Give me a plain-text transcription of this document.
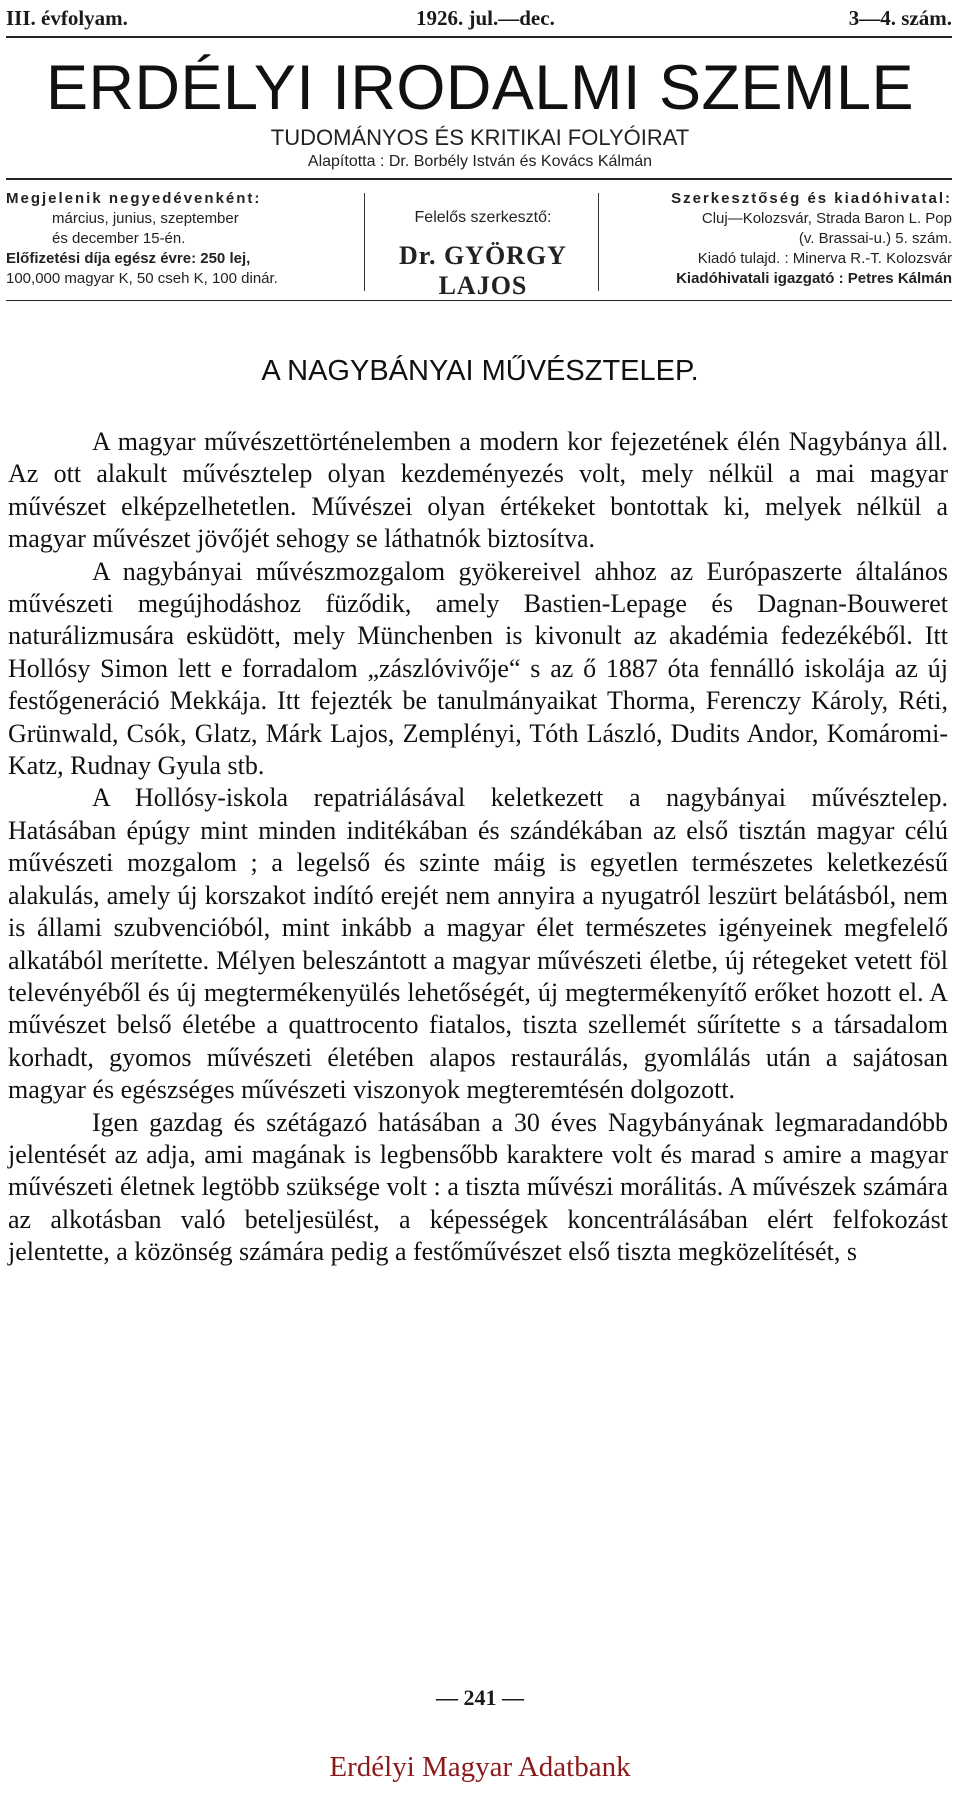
III. évfolyam.	1926. jul.—dec.	3—4. szám.
ERDÉLYI IRODALMI SZEMLE
TUDOMÁNYOS ÉS KRITIKAI FOLYÓIRAT
Alapította : Dr. Borbély István és Kovács Kálmán
Megjelenik negyedévenként:
március, junius, szeptember
és december 15-én.
Előfizetési díja egész évre: 250 lej,
100,000 magyar K, 50 cseh K, 100 dinár.
Felelős szerkesztő:
Dr. GYÖRGY LAJOS
Szerkesztőség és kiadóhivatal:
Cluj—Kolozsvár, Strada Baron L. Pop
(v. Brassai-u.) 5. szám.
Kiadó tulajd. : Minerva R.-T. Kolozsvár
Kiadóhivatali igazgató : Petres Kálmán
A NAGYBÁNYAI MŰVÉSZTELEP.

A magyar művészettörténelemben a modern kor fejezetének élén Nagybánya áll. Az ott alakult művésztelep olyan kezdeményezés volt, mely nélkül a mai magyar művészet elképzelhetetlen. Művészei olyan értékeket bontottak ki, melyek nélkül a magyar művészet jövőjét sehogy se láthatnók biztosítva.

A nagybányai művészmozgalom gyökereivel ahhoz az Európaszerte általános művészeti megújhodáshoz füződik, amely Bastien-Lepage és Dagnan-Bouweret naturálizmusára esküdött, mely Münchenben is kivonult az akadémia fedezékéből. Itt Hollósy Simon lett e forradalom „zászlóvivője“ s az ő 1887 óta fennálló iskolája az új festőgeneráció Mekkája. Itt fejezték be tanulmányaikat Thorma, Ferenczy Károly, Réti, Grünwald, Csók, Glatz, Márk Lajos, Zemplényi, Tóth László, Dudits Andor, Komáromi-Katz, Rudnay Gyula stb.

A Hollósy-iskola repatriálásával keletkezett a nagybányai művésztelep. Hatásában épúgy mint minden inditékában és szándékában az első tisztán magyar célú művészeti mozgalom ; a legelső és szinte máig is egyetlen természetes keletkezésű alakulás, amely új korszakot indító erejét nem annyira a nyugatról leszürt belátásból, nem is állami szubvencióból, mint inkább a magyar élet természetes igényeinek megfelelő alkatából merítette. Mélyen beleszántott a magyar művészeti életbe, új rétegeket vetett föl televényéből és új megtermékenyülés lehetőségét, új megtermékenyítő erőket hozott el. A művészet belső életébe a quattrocento fiatalos, tiszta szellemét sűrítette s a társadalom korhadt, gyomos művészeti életében alapos restaurálás, gyomlálás után a sajátosan magyar és egészséges művészeti viszonyok megteremtésén dolgozott.

Igen gazdag és szétágazó hatásában a 30 éves Nagybányának legmaradandóbb jelentését az adja, ami magának is legbensőbb karaktere volt és marad s amire a magyar művészeti életnek legtöbb szüksége volt : a tiszta művészi morálitás. A művészek számára az alkotásban való beteljesülést, a képességek koncentrálásában elért felfokozást jelentette, a közönség számára pedig a festőművészet első tiszta megközelítését, s

— 241 —
Erdélyi Magyar Adatbank
